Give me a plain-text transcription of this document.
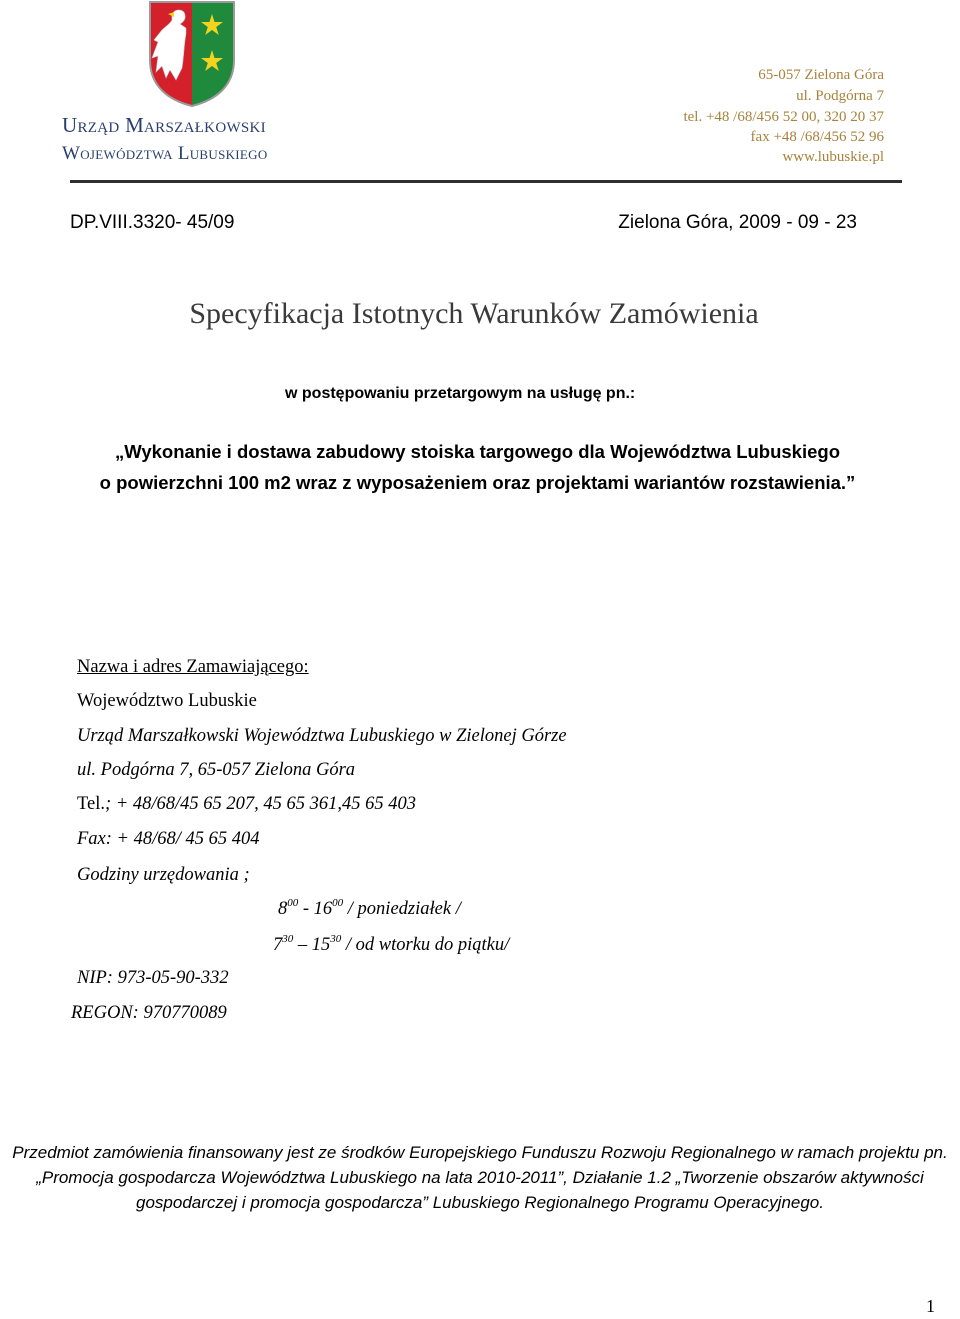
Urząd Marszałkowski
Województwa Lubuskiego
65-057 Zielona Góra
ul. Podgórna 7
tel. +48 /68/456 52 00, 320 20 37
fax +48 /68/456 52 96
www.lubuskie.pl
DP.VIII.3320- 45/09	Zielona Góra, 2009 - 09 - 23
Specyfikacja Istotnych Warunków Zamówienia
w postępowaniu przetargowym na usługę pn.:
„Wykonanie i dostawa zabudowy stoiska targowego dla Województwa Lubuskiego
o powierzchni 100 m2 wraz z wyposażeniem oraz projektami wariantów rozstawienia.”
Nazwa i adres Zamawiającego:
Województwo Lubuskie
Urząd Marszałkowski Województwa Lubuskiego w Zielonej Górze
ul. Podgórna 7, 65-057 Zielona Góra
Tel.; + 48/68/45 65 207, 45 65 361,45 65 403
Fax: + 48/68/ 45 65 404
Godziny urzędowania ;
$8^{00} - 16^{00}$ / poniedziałek /
$7^{30} - 15^{30}$ / od wtorku do piątku/
NIP: 973-05-90-332
REGON: 970770089
Przedmiot zamówienia finansowany jest ze środków Europejskiego Funduszu Rozwoju Regionalnego w ramach projektu pn.
„Promocja gospodarcza Województwa Lubuskiego na lata 2010-2011”, Działanie 1.2 „Tworzenie obszarów aktywności
gospodarczej i promocja gospodarcza” Lubuskiego Regionalnego Programu Operacyjnego.
1
